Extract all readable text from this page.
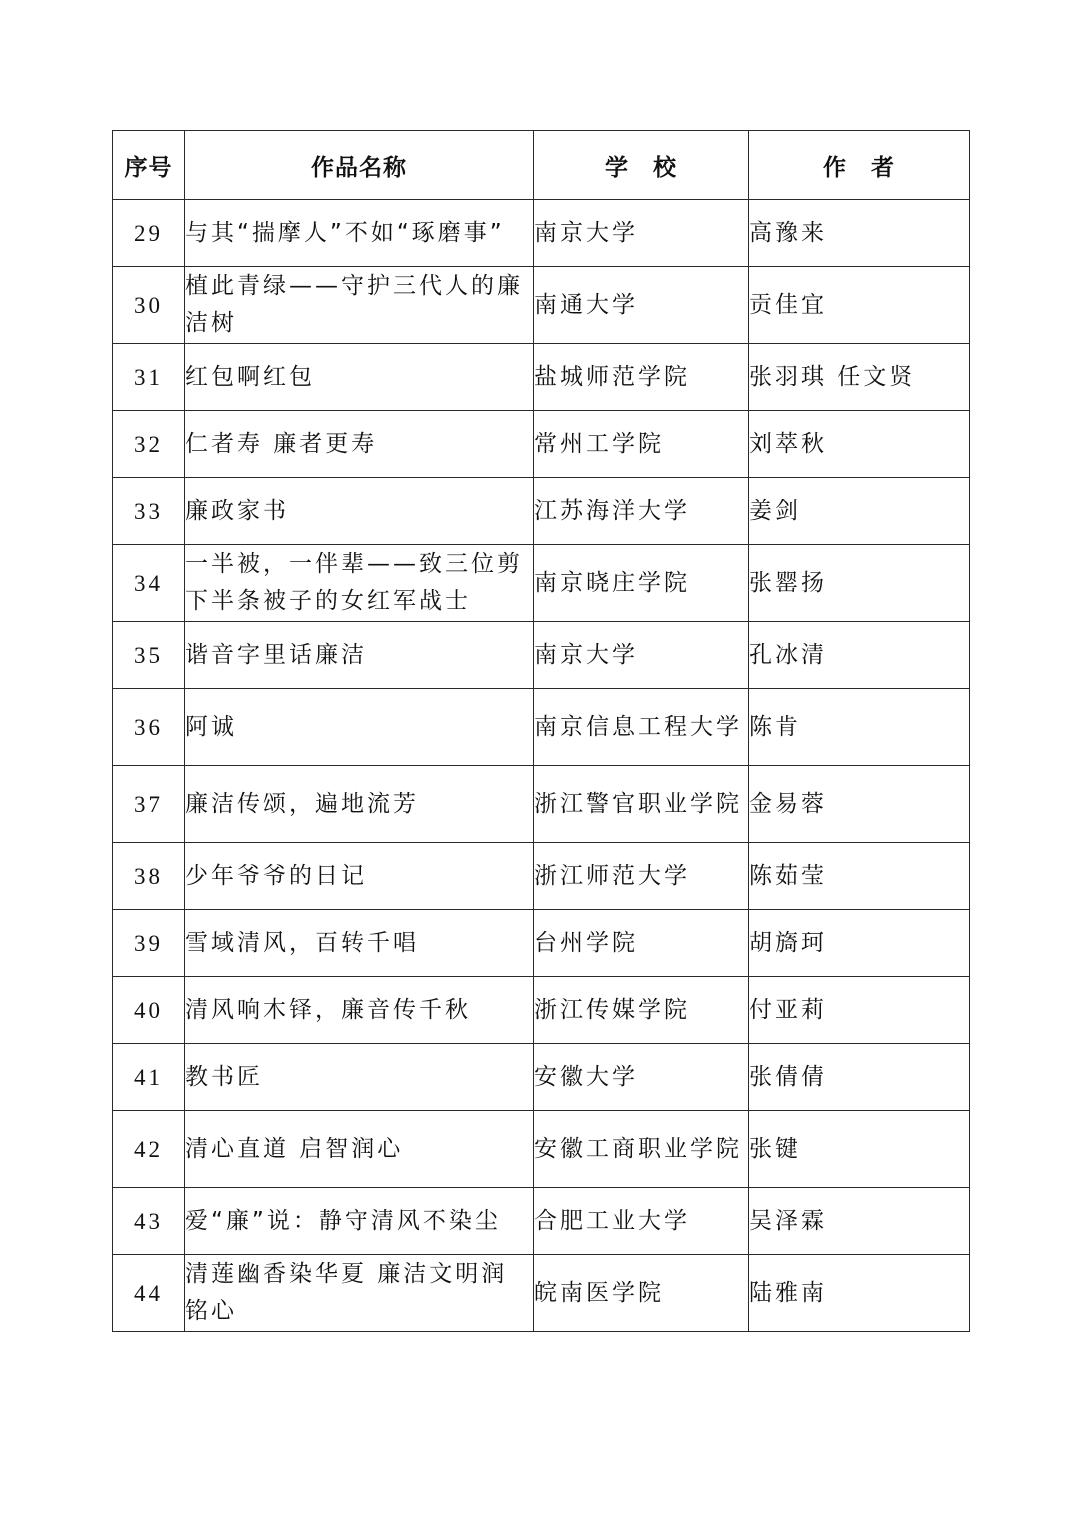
序号	作品名称	学　校	作　者
29	与其“揣摩人”不如“琢磨事”	南京大学	高豫来
30	植此青绿——守护三代人的廉洁树	南通大学	贡佳宜
31	红包啊红包	盐城师范学院	张羽琪 任文贤
32	仁者寿 廉者更寿	常州工学院	刘萃秋
33	廉政家书	江苏海洋大学	姜剑
34	一半被，一伴辈——致三位剪下半条被子的女红军战士	南京晓庄学院	张罂扬
35	谐音字里话廉洁	南京大学	孔冰清
36	阿诚	南京信息工程大学	陈肯
37	廉洁传颂，遍地流芳	浙江警官职业学院	金易蓉
38	少年爷爷的日记	浙江师范大学	陈茹莹
39	雪域清风，百转千唱	台州学院	胡旖珂
40	清风响木铎，廉音传千秋	浙江传媒学院	付亚莉
41	教书匠	安徽大学	张倩倩
42	清心直道 启智润心	安徽工商职业学院	张键
43	爱“廉”说：静守清风不染尘	合肥工业大学	吴泽霖
44	清莲幽香染华夏 廉洁文明润铭心	皖南医学院	陆雅南
